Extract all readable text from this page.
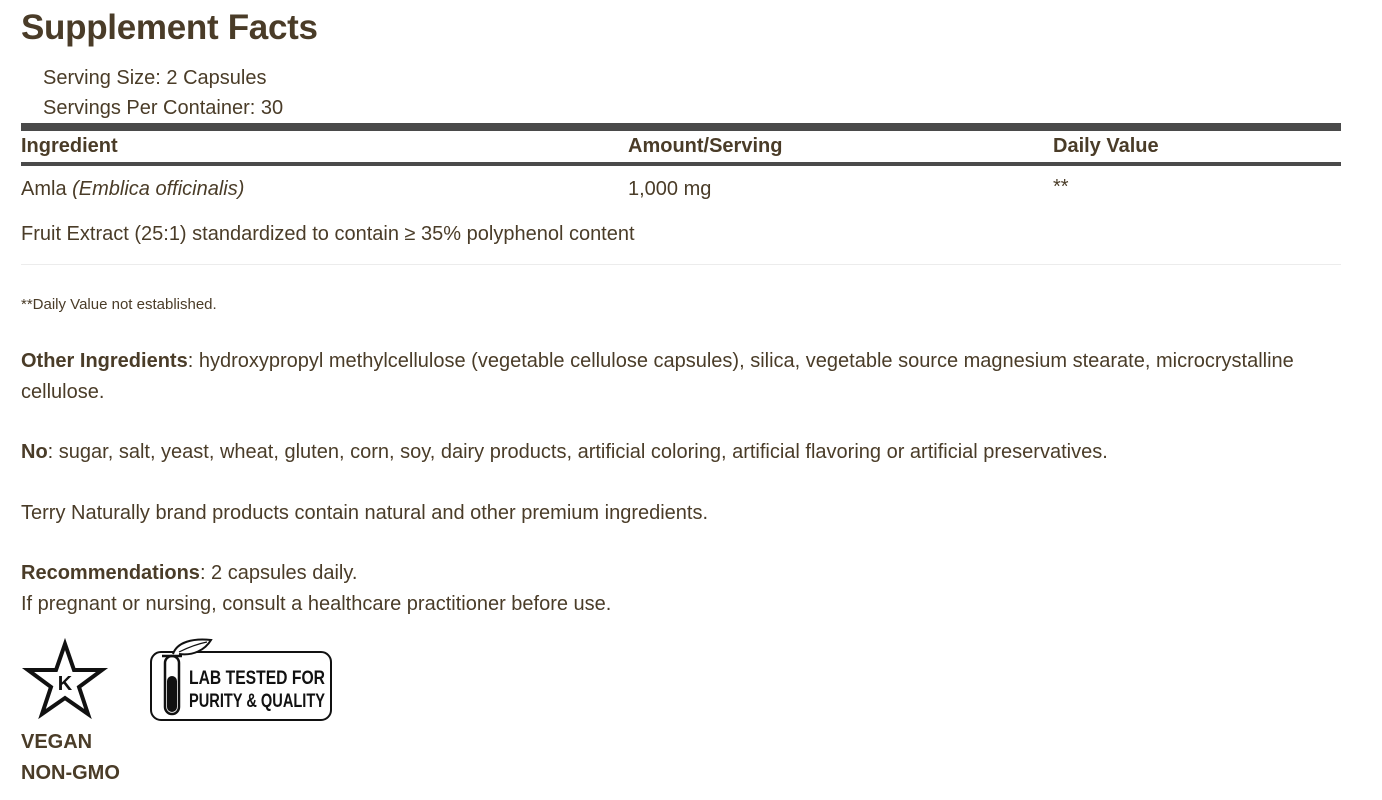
Supplement Facts
Serving Size: 2 Capsules
Servings Per Container: 30
Ingredient	Amount/Serving	Daily Value
Amla (Emblica officinalis)	1,000 mg	**
Fruit Extract (25:1) standardized to contain ≥ 35% polyphenol content
**Daily Value not established.
Other Ingredients: hydroxypropyl methylcellulose (vegetable cellulose capsules), silica, vegetable source magnesium stearate, microcrystalline cellulose.
No: sugar, salt, yeast, wheat, gluten, corn, soy, dairy products, artificial coloring, artificial flavoring or artificial preservatives.
Terry Naturally brand products contain natural and other premium ingredients.
Recommendations: 2 capsules daily.
If pregnant or nursing, consult a healthcare practitioner before use.
K	LAB TESTED FOR
PURITY & QUALITY
VEGAN
NON-GMO
